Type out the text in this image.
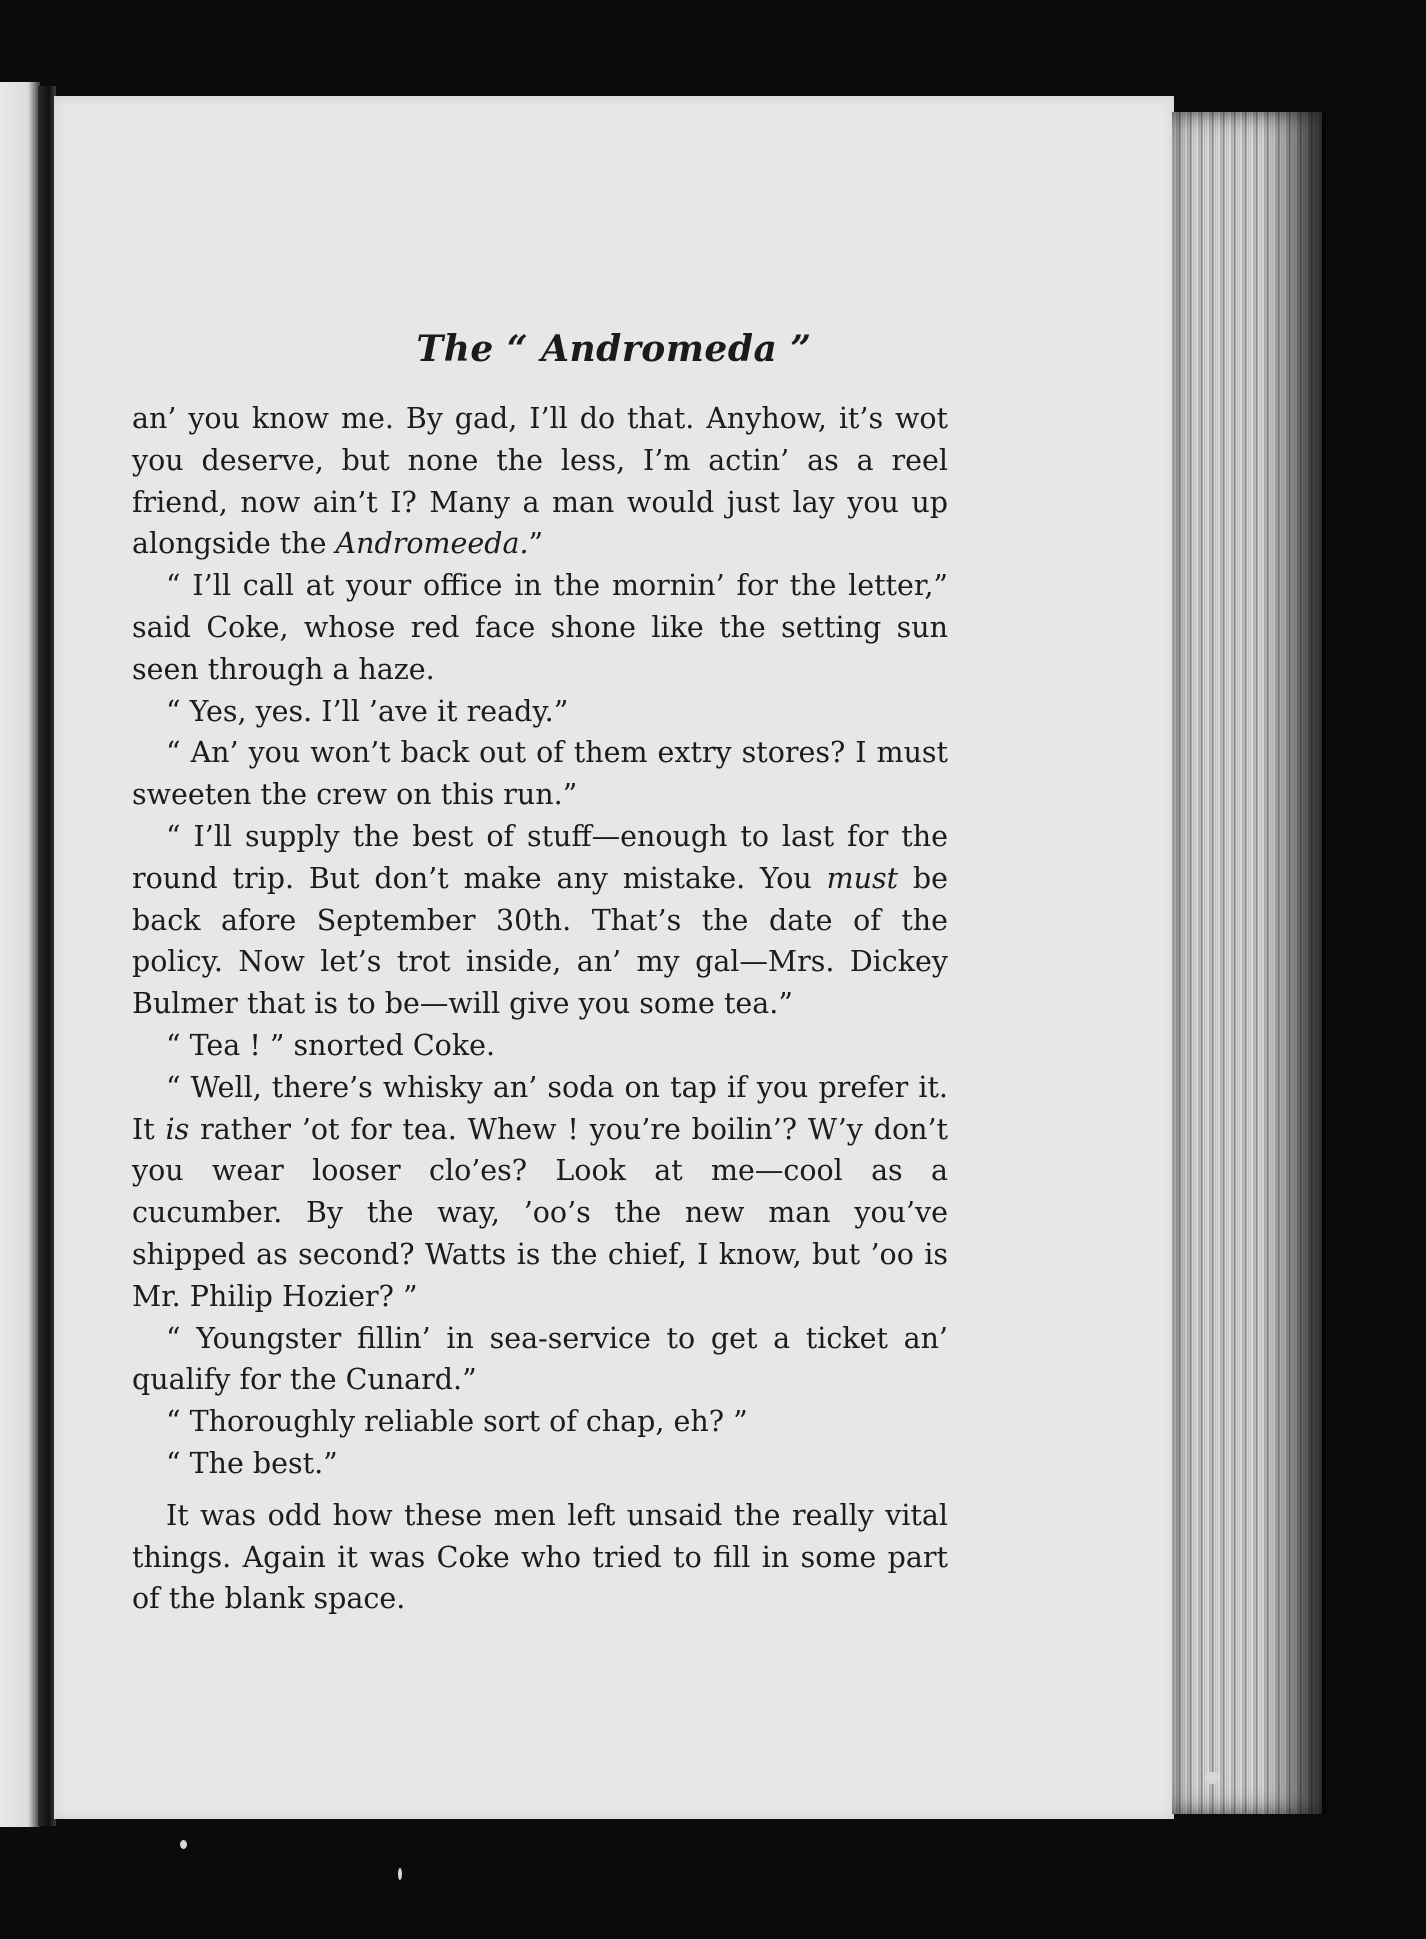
The “ Andromeda ”

an’ you know me. By gad, I’ll do that. Anyhow, it’s wot you deserve, but none the less, I’m actin’ as a reel friend, now ain’t I? Many a man would just lay you up alongside the Andromeeda.”

“ I’ll call at your office in the mornin’ for the letter,” said Coke, whose red face shone like the setting sun seen through a haze.

“ Yes, yes. I’ll ’ave it ready.”

“ An’ you won’t back out of them extry stores? I must sweeten the crew on this run.”

“ I’ll supply the best of stuff—enough to last for the round trip. But don’t make any mistake. You must be back afore September 30th. That’s the date of the policy. Now let’s trot inside, an’ my gal—Mrs. Dickey Bulmer that is to be—will give you some tea.”

“ Tea ! ” snorted Coke.

“ Well, there’s whisky an’ soda on tap if you prefer it. It is rather ’ot for tea. Whew ! you’re boilin’? W’y don’t you wear looser clo’es? Look at me—cool as a cucumber. By the way, ’oo’s the new man you’ve shipped as second? Watts is the chief, I know, but ’oo is Mr. Philip Hozier? ”

“ Youngster fillin’ in sea-service to get a ticket an’ qualify for the Cunard.”

“ Thoroughly reliable sort of chap, eh? ”

“ The best.”

It was odd how these men left unsaid the really vital things. Again it was Coke who tried to fill in some part of the blank space.
